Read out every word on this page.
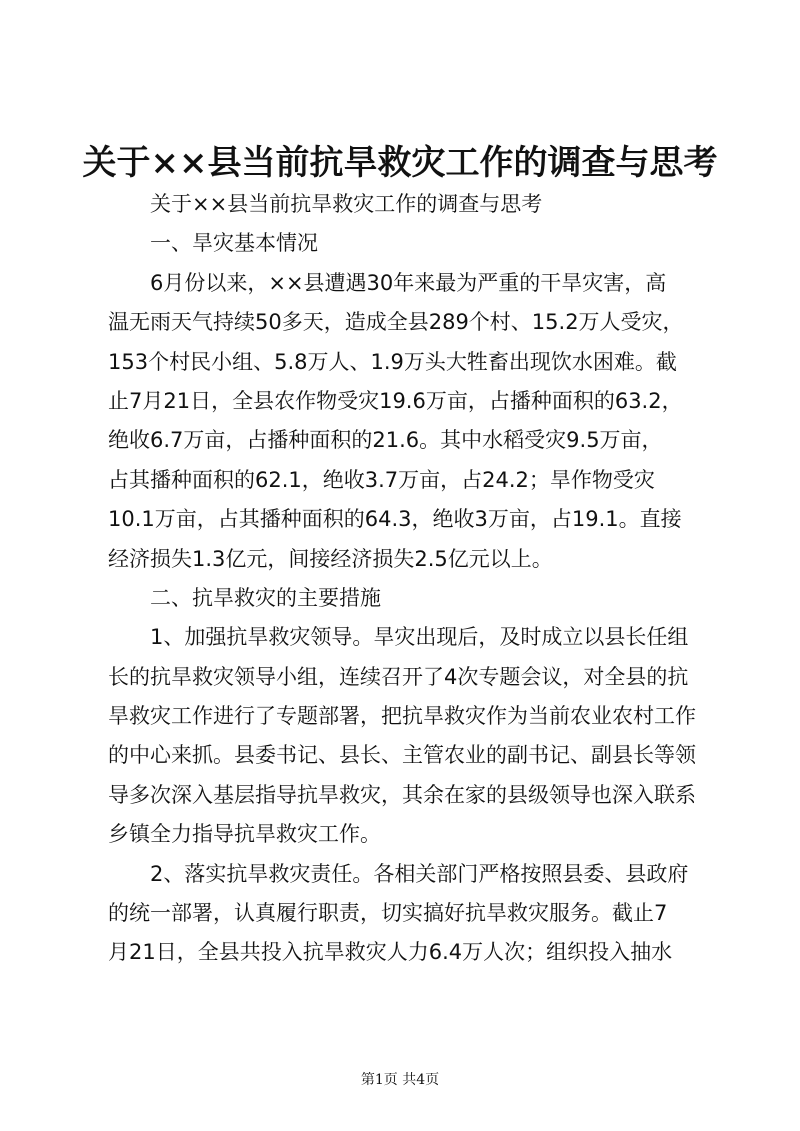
关于××县当前抗旱救灾工作的调查与思考
关于××县当前抗旱救灾工作的调查与思考
一、旱灾基本情况
6月份以来，××县遭遇30年来最为严重的干旱灾害，高
温无雨天气持续50多天，造成全县289个村、15.2万人受灾，
153个村民小组、5.8万人、1.9万头大牲畜出现饮水困难。截
止7月21日，全县农作物受灾19.6万亩，占播种面积的63.2，
绝收6.7万亩，占播种面积的21.6。其中水稻受灾9.5万亩，
占其播种面积的62.1，绝收3.7万亩，占24.2；旱作物受灾
10.1万亩，占其播种面积的64.3，绝收3万亩，占19.1。直接
经济损失1.3亿元，间接经济损失2.5亿元以上。
二、抗旱救灾的主要措施
1、加强抗旱救灾领导。旱灾出现后，及时成立以县长任组
长的抗旱救灾领导小组，连续召开了4次专题会议，对全县的抗
旱救灾工作进行了专题部署，把抗旱救灾作为当前农业农村工作
的中心来抓。县委书记、县长、主管农业的副书记、副县长等领
导多次深入基层指导抗旱救灾，其余在家的县级领导也深入联系
乡镇全力指导抗旱救灾工作。
2、落实抗旱救灾责任。各相关部门严格按照县委、县政府
的统一部署，认真履行职责，切实搞好抗旱救灾服务。截止7
月21日，全县共投入抗旱救灾人力6.4万人次；组织投入抽水
第1页 共4页
